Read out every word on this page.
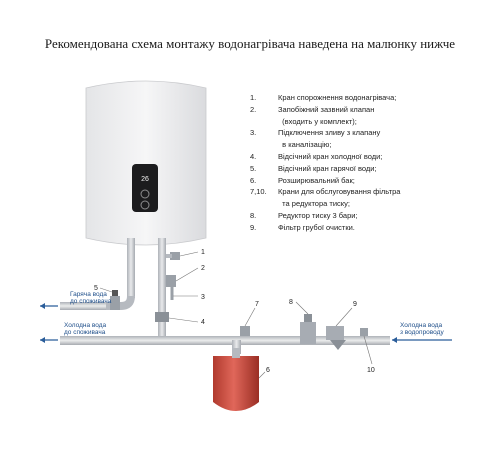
Рекомендована схема монтажу водонагрівача наведена на малюнку нижче
1.	Кран спорожнення водонагрівача;
2.	Запобіжний зазвний клапан
(входить у комплект);
3.	Підключення зливу з клапану
в каналізацію;
4.	Відсічний кран холодної води;
5.	Відсічний кран гарячої води;
6.	Розширювальний бак;
7,10.	Крани для обслуговування фільтра
та редуктора тиску;
8.	Редуктор тиску 3 бари;
9.	Фільтр грубої очистки.
26
Гаряча вода
до споживача
Холодна вода
до споживача
Холодна вода
з водопроводу
1
2
3
4
5
6
7	8	9
10
